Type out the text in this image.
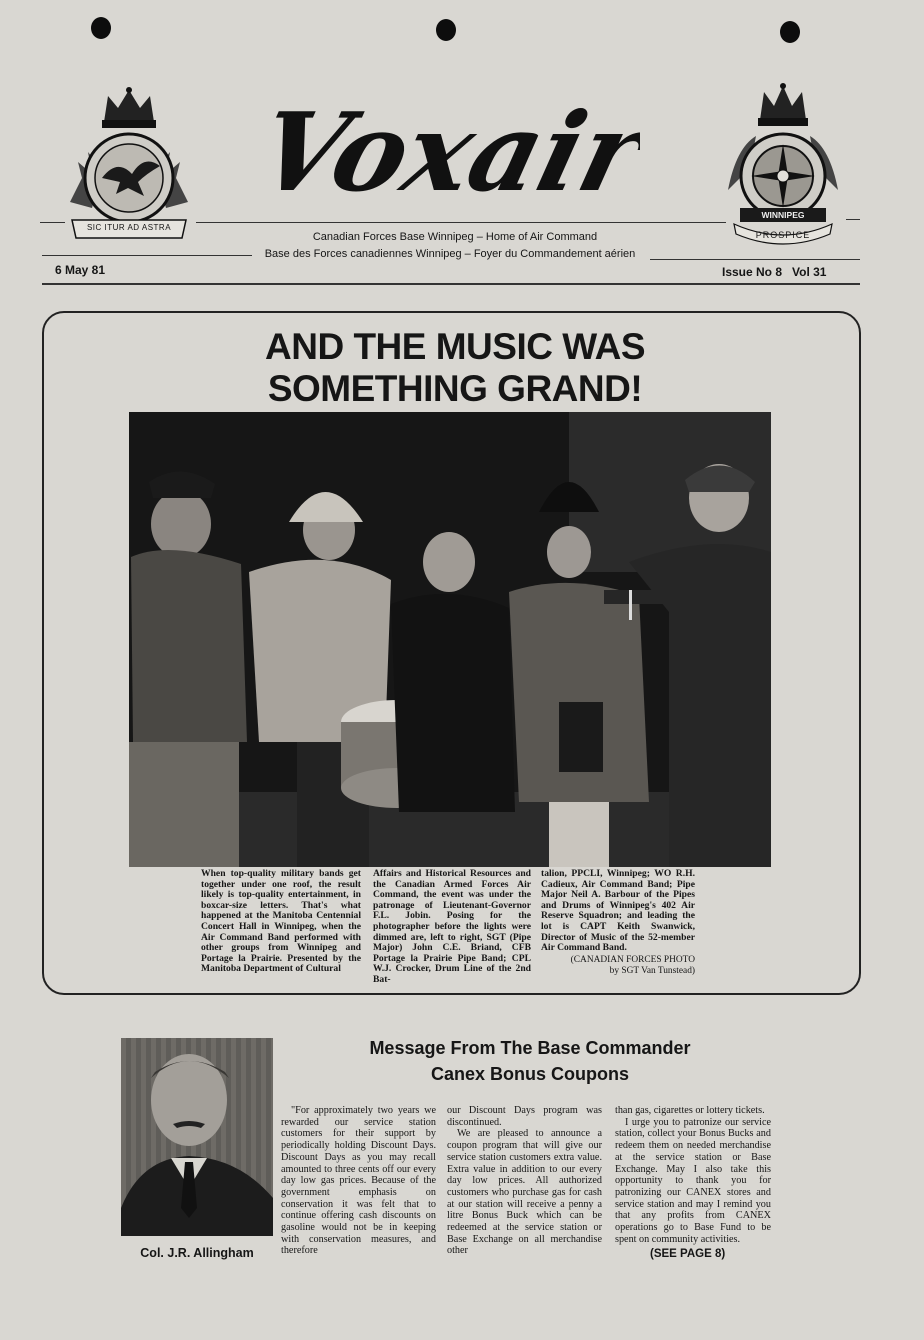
SIC ITUR AD ASTRA
WINNIPEG
PROSPICE
Voxair
Canadian Forces Base Winnipeg – Home of Air Command
Base des Forces canadiennes Winnipeg – Foyer du Commandement aérien
6 May 81	Issue No 8   Vol 31
AND THE MUSIC WAS
SOMETHING GRAND!
When top-quality military bands get together under one roof, the result likely is top-quality entertainment, in boxcar-size letters. That's what happened at the Manitoba Centennial Concert Hall in Winnipeg, when the Air Command Band performed with other groups from Winnipeg and Portage la Prairie. Presented by the Manitoba Department of Cultural
Affairs and Historical Resources and the Canadian Armed Forces Air Command, the event was under the patronage of Lieutenant-Governor F.L. Jobin. Posing for the photographer before the lights were dimmed are, left to right, SGT (Pipe Major) John C.E. Briand, CFB Portage la Prairie Pipe Band; CPL W.J. Crocker, Drum Line of the 2nd Bat-
talion, PPCLI, Winnipeg; WO R.H. Cadieux, Air Command Band; Pipe Major Neil A. Barbour of the Pipes and Drums of Winnipeg's 402 Air Reserve Squadron; and leading the lot is CAPT Keith Swanwick, Director of Music of the 52-member Air Command Band.
(CANADIAN FORCES PHOTO
by SGT Van Tunstead)
Col. J.R. Allingham
Message From The Base Commander
Canex Bonus Coupons

"For approximately two years we rewarded our service station customers for their support by periodically holding Discount Days. Discount Days as you may recall amounted to three cents off our every day low gas prices. Because of the government emphasis on conservation it was felt that to continue offering cash discounts on gasoline would not be in keeping with conservation measures, and therefore

our Discount Days program was discontinued.

We are pleased to announce a coupon program that will give our service station customers extra value. Extra value in addition to our every day low prices. All authorized customers who purchase gas for cash at our station will receive a penny a litre Bonus Buck which can be redeemed at the service station or Base Exchange on all merchandise other

than gas, cigarettes or lottery tickets.

I urge you to patronize our service station, collect your Bonus Bucks and redeem them on needed merchandise at the service station or Base Exchange. May I also take this opportunity to thank you for patronizing our CANEX stores and service station and may I remind you that any profits from CANEX operations go to Base Fund to be spent on community activities.

(SEE PAGE 8)
